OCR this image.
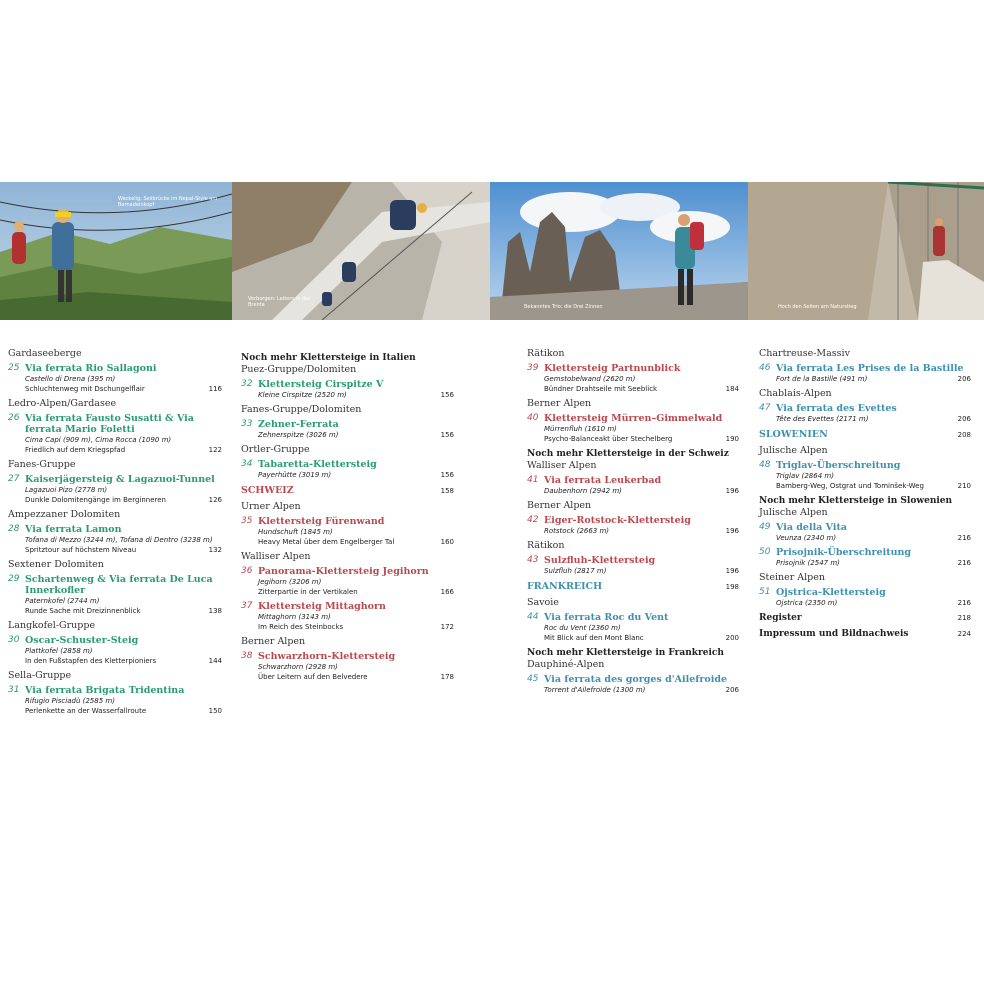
Wackelig: Seilbrücke im Nepal-Style am Bernadeinkopf
Verborgen: Leitern in der Brenta	Bekanntes Trio: die Drei Zinnen	Hoch den Seiten am Naturstieg
Gardaseeberge
25 Via ferrata Rio Sallagoni
Castello di Drena (395 m)
Schluchtenweg mit Dschungelflair	116
Ledro-Alpen/Gardasee
26 Via ferrata Fausto Susatti & Via ferrata Mario Foletti
Cima Capi (909 m), Cima Rocca (1090 m)
Friedlich auf dem Kriegspfad	122
Fanes-Gruppe
27 Kaiserjägersteig & Lagazuoi-Tunnel
Lagazuoi Pizo (2778 m)
Dunkle Dolomitengänge im Berginneren	126
Ampezzaner Dolomiten
28 Via ferrata Lamon
Tofana di Mezzo (3244 m), Tofana di Dentro (3238 m)
Spritztour auf höchstem Niveau	132
Sextener Dolomiten
29 Schartenweg & Via ferrata De Luca Innerkofler
Paternkofel (2744 m)
Runde Sache mit Dreizinnenblick	138
Langkofel-Gruppe
30 Oscar-Schuster-Steig
Plattkofel (2858 m)
In den Fußstapfen des Kletterpioniers	144
Sella-Gruppe
31 Via ferrata Brigata Tridentina
Rifugio Pisciadù (2585 m)
Perlenkette an der Wasserfallroute	150
Noch mehr Klettersteige in Italien
Puez-Gruppe/Dolomiten
32 Klettersteig Cirspitze V
Kleine Cirspitze (2520 m)	156
Fanes-Gruppe/Dolomiten
33 Zehner-Ferrata
Zehnerspitze (3026 m)	156
Ortler-Gruppe
34 Tabaretta-Klettersteig
Payerhütte (3019 m)	156
SCHWEIZ	158
Urner Alpen
35 Klettersteig Fürenwand
Hundschuft (1845 m)
Heavy Metal über dem Engelberger Tal	160
Walliser Alpen
36 Panorama-Klettersteig Jegihorn
Jegihorn (3206 m)
Zitterpartie in der Vertikalen	166
37 Klettersteig Mittaghorn
Mittaghorn (3143 m)
Im Reich des Steinbocks	172
Berner Alpen
38 Schwarzhorn-Klettersteig
Schwarzhorn (2928 m)
Über Leitern auf den Belvedere	178
Rätikon
39 Klettersteig Partnunblick
Gemstobelwand (2620 m)
Bündner Drahtseile mit Seeblick	184
Berner Alpen
40 Klettersteig Mürren–Gimmelwald
Mürrenfluh (1610 m)
Psycho-Balanceakt über Stechelberg	190
Noch mehr Klettersteige in der Schweiz
Walliser Alpen
41 Via ferrata Leukerbad
Daubenhorn (2942 m)	196
Berner Alpen
42 Eiger-Rotstock-Klettersteig
Rotstock (2663 m)	196
Rätikon
43 Sulzfluh-Klettersteig
Sulzfluh (2817 m)	196
FRANKREICH	198
Savoie
44 Via ferrata Roc du Vent
Roc du Vent (2360 m)
Mit Blick auf den Mont Blanc	200
Noch mehr Klettersteige in Frankreich
Dauphiné-Alpen
45 Via ferrata des gorges d'Ailefroide
Torrent d'Ailefroide (1300 m)	206
Chartreuse-Massiv
46 Via ferrata Les Prises de la Bastille
Fort de la Bastille (491 m)	206
Chablais-Alpen
47 Via ferrata des Evettes
Tête des Evettes (2171 m)	206
SLOWENIEN	208
Julische Alpen
48 Triglav-Überschreitung
Triglav (2864 m)
Bamberg-Weg, Ostgrat und Tominšek-Weg	210
Noch mehr Klettersteige in Slowenien
Julische Alpen
49 Via della Vita
Veunza (2340 m)	216
50 Prisojnik-Überschreitung
Prisojnik (2547 m)	216
Steiner Alpen
51 Ojstrica-Klettersteig
Ojstrica (2350 m)	216
Register	218
Impressum und Bildnachweis	224
